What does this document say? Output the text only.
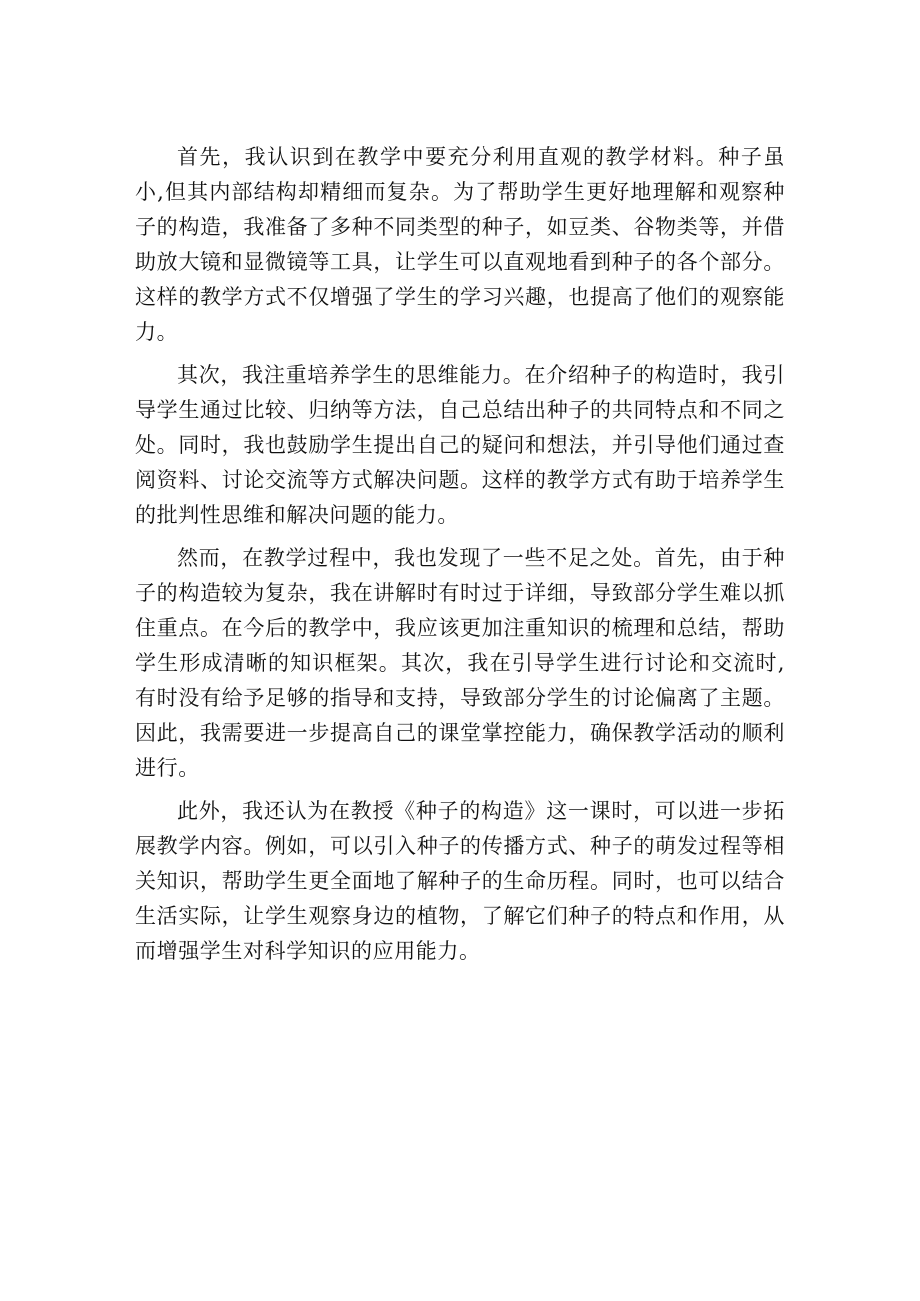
首先，我认识到在教学中要充分利用直观的教学材料。种子虽小,但其内部结构却精细而复杂。为了帮助学生更好地理解和观察种子的构造，我准备了多种不同类型的种子，如豆类、谷物类等，并借助放大镜和显微镜等工具，让学生可以直观地看到种子的各个部分。这样的教学方式不仅增强了学生的学习兴趣，也提高了他们的观察能力。

其次，我注重培养学生的思维能力。在介绍种子的构造时，我引导学生通过比较、归纳等方法，自己总结出种子的共同特点和不同之处。同时，我也鼓励学生提出自己的疑问和想法，并引导他们通过查阅资料、讨论交流等方式解决问题。这样的教学方式有助于培养学生的批判性思维和解决问题的能力。

然而，在教学过程中，我也发现了一些不足之处。首先，由于种子的构造较为复杂，我在讲解时有时过于详细，导致部分学生难以抓住重点。在今后的教学中，我应该更加注重知识的梳理和总结，帮助学生形成清晰的知识框架。其次，我在引导学生进行讨论和交流时,有时没有给予足够的指导和支持，导致部分学生的讨论偏离了主题。因此，我需要进一步提高自己的课堂掌控能力，确保教学活动的顺利进行。

此外，我还认为在教授《种子的构造》这一课时，可以进一步拓展教学内容。例如，可以引入种子的传播方式、种子的萌发过程等相关知识，帮助学生更全面地了解种子的生命历程。同时，也可以结合生活实际，让学生观察身边的植物，了解它们种子的特点和作用，从而增强学生对科学知识的应用能力。
